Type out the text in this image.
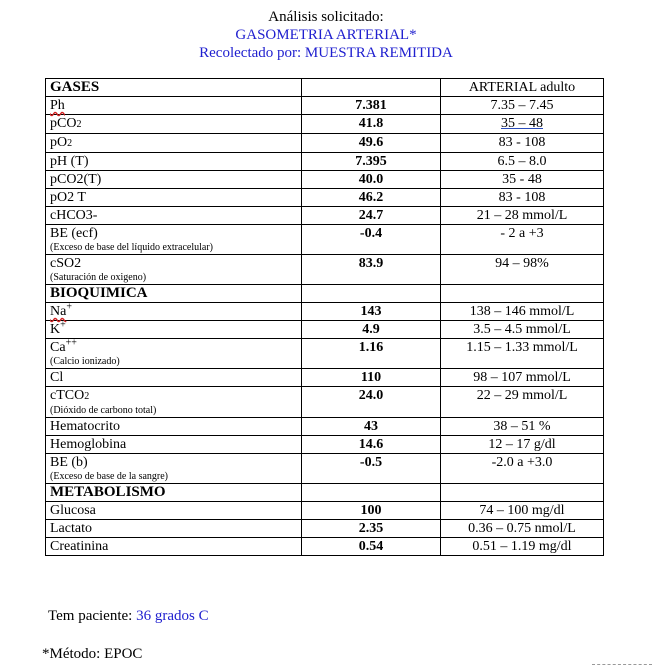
Análisis solicitado:
GASOMETRIA ARTERIAL*
Recolectado por: MUESTRA REMITIDA
GASES		ARTERIAL adulto
Ph	7.381	7.35 – 7.45
pCO2	41.8	35 – 48
pO2	49.6	83 - 108
pH (T)	7.395	6.5 – 8.0
pCO2(T)	40.0	35 - 48
pO2 T	46.2	83 - 108
cHCO3-	24.7	21 – 28 mmol/L
BE (ecf)
(Exceso de base del líquido extracelular)	-0.4	- 2 a +3
cSO2
(Saturación de oxigeno)	83.9	94 – 98%
BIOQUIMICA		
Na+	143	138 – 146 mmol/L
K+	4.9	3.5 – 4.5 mmol/L
Ca++
(Calcio ionizado)	1.16	1.15 – 1.33 mmol/L
Cl	110	98 – 107 mmol/L
cTCO2
(Dióxido de carbono total)	24.0	22 – 29 mmol/L
Hematocrito	43	38 – 51 %
Hemoglobina	14.6	12 – 17 g/dl
BE (b)
(Exceso de base de la sangre)	-0.5	-2.0 a +3.0
METABOLISMO		
Glucosa	100	74 – 100 mg/dl
Lactato	2.35	0.36 – 0.75 nmol/L
Creatinina	0.54	0.51 – 1.19 mg/dl
Tem paciente: 36 grados C
*Método: EPOC
